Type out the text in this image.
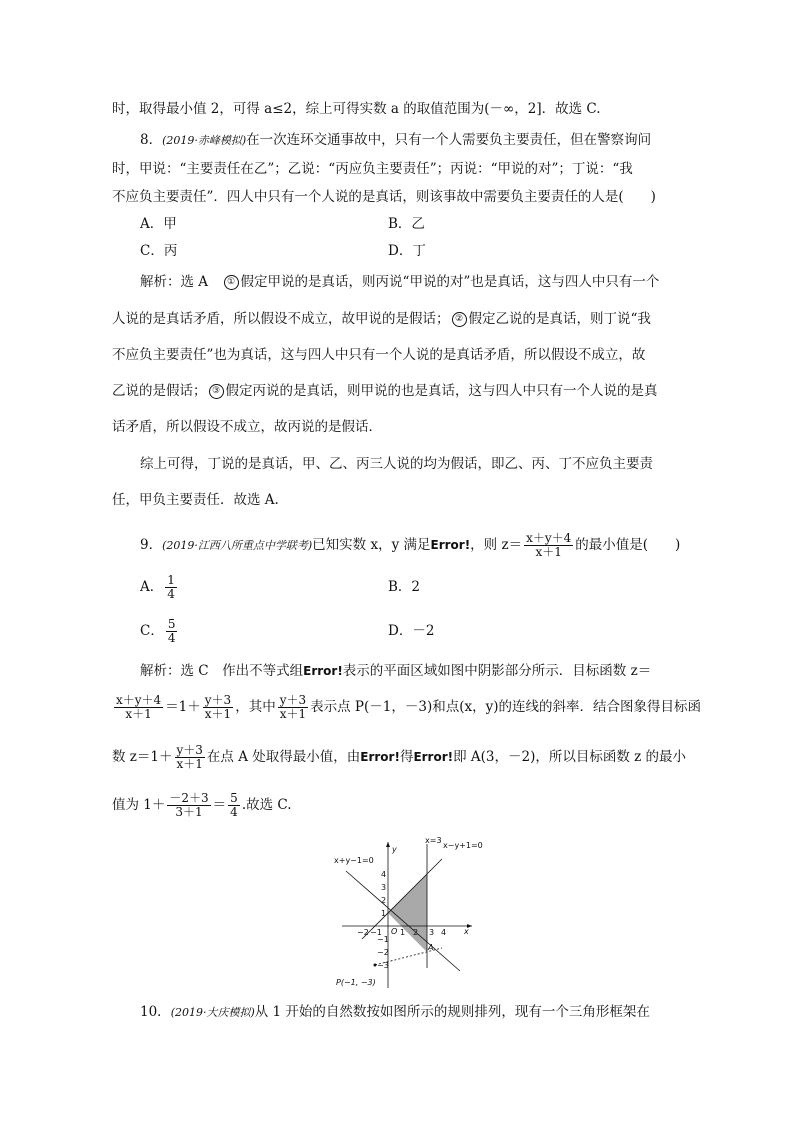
时，取得最小值 2，可得 a≤2，综上可得实数 a 的取值范围为(－∞，2]．故选 C.
8．(2019·赤峰模拟)在一次连环交通事故中，只有一个人需要负主要责任，但在警察询问
时，甲说：“主要责任在乙”；乙说：“丙应负主要责任”；丙说：“甲说的对”；丁说：“我
不应负主要责任”．四人中只有一个人说的是真话，则该事故中需要负主要责任的人是(　　)
A．甲	B．乙
C．丙	D．丁
解析：选 A　① 假定甲说的是真话，则丙说“甲说的对”也是真话，这与四人中只有一个
人说的是真话矛盾，所以假设不成立，故甲说的是假话； ② 假定乙说的是真话，则丁说“我
不应负主要责任”也为真话，这与四人中只有一个人说的是真话矛盾，所以假设不成立，故
乙说的是假话； ③ 假定丙说的是真话，则甲说的也是真话，这与四人中只有一个人说的是真
话矛盾，所以假设不成立，故丙说的是假话．
综上可得，丁说的是真话，甲、乙、丙三人说的均为假话，即乙、丙、丁不应负主要责
任，甲负主要责任．故选 A.
9．(2019·江西八所重点中学联考)已知实数 x，y 满足Error!，则 $z= \frac{x+y+4}{x+1}$ 的最小值是(　　)
A． $\frac{1}{4}$	B．2
C． $\frac{5}{4}$	D．－2
解析：选 C　作出不等式组Error!表示的平面区域如图中阴影部分所示．目标函数 z＝
$\frac{x+y+4}{x+1} =1+ \frac{y+3}{x+1}$ ，其中 $\frac{y+3}{x+1}$ 表示点 P(－1，－3)和点(x，y)的连线的斜率．结合图象得目标函
数 $z=1+ \frac{y+3}{x+1}$ 在点 A 处取得最小值，由Error!得Error!即 A(3，－2)，所以目标函数 z 的最小
值为 $1+ \frac{-2+3}{3+1} = \frac{5}{4}$ .故选 C.
x=3
x−y+1=0
x+y−1=0
y
x
O
A
P(−1, −3)
−2 −1 1 2 3 4
4
3
2
1
−1
−2
−3
10．(2019·大庆模拟)从 1 开始的自然数按如图所示的规则排列，现有一个三角形框架在
